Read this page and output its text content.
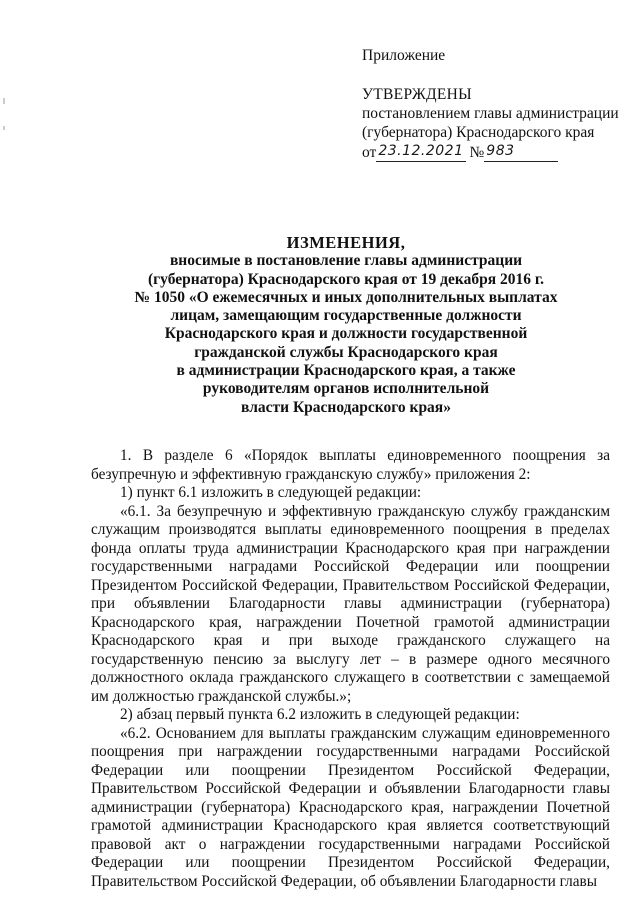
Приложение

УТВЕРЖДЕНЫ

постановлением главы администрации

(губернатора) Краснодарского края

от 23.12.2021 № 983

ИЗМЕНЕНИЯ,
вносимые в постановление главы администрации
(губернатора) Краснодарского края от 19 декабря 2016 г.
№ 1050 «О ежемесячных и иных дополнительных выплатах
лицам, замещающим государственные должности
Краснодарского края и должности государственной
гражданской службы Краснодарского края
в администрации Краснодарского края, а также
руководителям органов исполнительной
власти Краснодарского края»

1. В разделе 6 «Порядок выплаты единовременного поощрения за безупречную и эффективную гражданскую службу» приложения 2:

1) пункт 6.1 изложить в следующей редакции:

«6.1. За безупречную и эффективную гражданскую службу гражданским служащим производятся выплаты единовременного поощрения в пределах фонда оплаты труда администрации Краснодарского края при награждении государственными наградами Российской Федерации или поощрении Президентом Российской Федерации, Правительством Российской Федерации, при объявлении Благодарности главы администрации (губернатора) Краснодарского края, награждении Почетной грамотой администрации Краснодарского края и при выходе гражданского служащего на государственную пенсию за выслугу лет – в размере одного месячного должностного оклада гражданского служащего в соответствии с замещаемой им должностью гражданской службы.»;

2) абзац первый пункта 6.2 изложить в следующей редакции:

«6.2. Основанием для выплаты гражданским служащим единовременного поощрения при награждении государственными наградами Российской Федерации или поощрении Президентом Российской Федерации, Правительством Российской Федерации и объявлении Благодарности главы администрации (губернатора) Краснодарского края, награждении Почетной грамотой администрации Краснодарского края является соответствующий правовой акт о награждении государственными наградами Российской Федерации или поощрении Президентом Российской Федерации, Правительством Российской Федерации, об объявлении Благодарности главы
